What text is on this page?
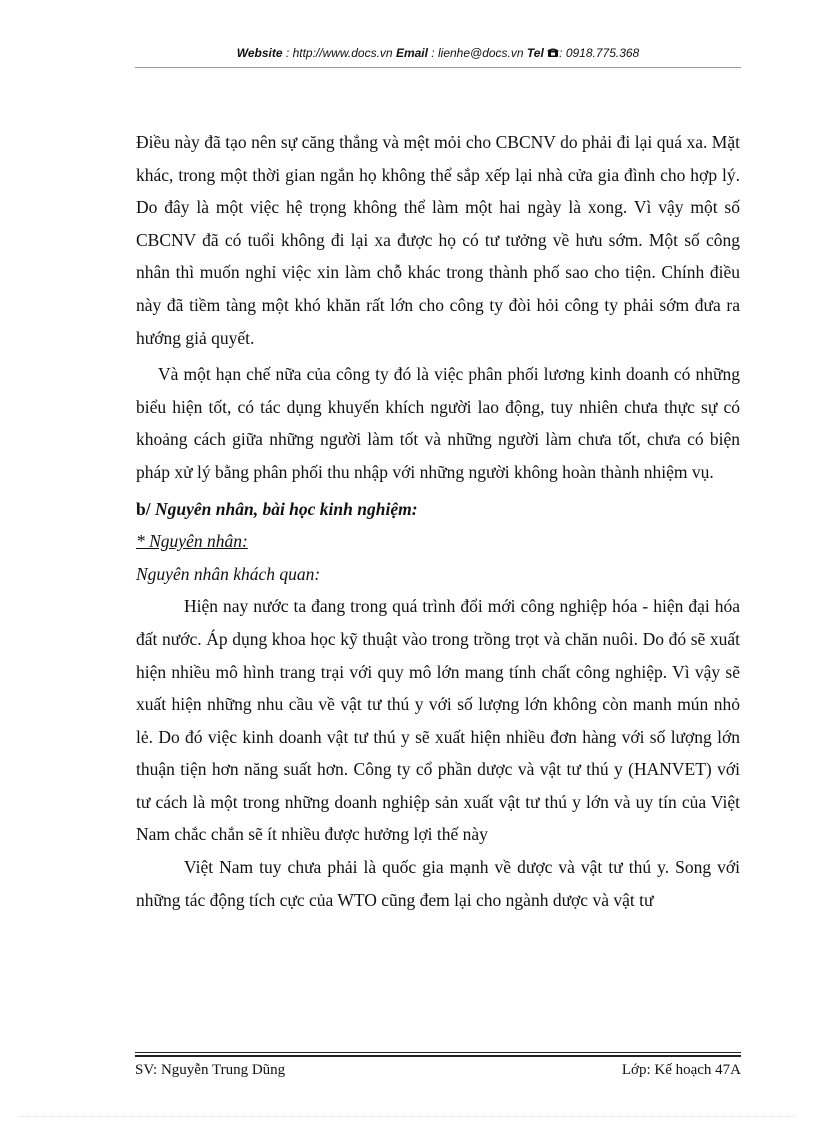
Website : http://www.docs.vn Email : lienhe@docs.vn Tel : 0918.775.368

Điều này đã tạo nên sự căng thẳng và mệt mỏi cho CBCNV do phải đi lại quá xa. Mặt khác, trong một thời gian ngắn họ không thể sắp xếp lại nhà cửa gia đình cho hợp lý. Do đây là một việc hệ trọng không thể làm một hai ngày là xong. Vì vậy một số CBCNV đã có tuổi không đi lại xa được họ có tư tưởng về hưu sớm. Một số công nhân thì muốn nghỉ việc xin làm chỗ khác trong thành phố sao cho tiện. Chính điều này đã tiềm tàng một khó khăn rất lớn cho công ty đòi hỏi công ty phải sớm đưa ra hướng giả quyết.

Và một hạn chế nữa của công ty đó là việc phân phối lương kinh doanh có những biểu hiện tốt, có tác dụng khuyến khích người lao động, tuy nhiên chưa thực sự có khoảng cách giữa những người làm tốt và những người làm chưa tốt, chưa có biện pháp xử lý bằng phân phối thu nhập với những người không hoàn thành nhiệm vụ.

b/ Nguyên nhân, bài học kinh nghiệm:

* Nguyên nhân:

Nguyên nhân khách quan:

Hiện nay nước ta đang trong quá trình đổi mới công nghiệp hóa - hiện đại hóa đất nước. Áp dụng khoa học kỹ thuật vào trong trồng trọt và chăn nuôi. Do đó sẽ xuất hiện nhiều mô hình trang trại với quy mô lớn mang tính chất công nghiệp. Vì vậy sẽ xuất hiện những nhu cầu về vật tư thú y với số lượng lớn không còn manh mún nhỏ lẻ. Do đó việc kinh doanh vật tư thú y sẽ xuất hiện nhiều đơn hàng với số lượng lớn thuận tiện hơn năng suất hơn. Công ty cổ phần dược và vật tư thú y (HANVET) với tư cách là một trong những doanh nghiệp sản xuất vật tư thú y lớn và uy tín của Việt Nam chắc chắn sẽ ít nhiều được hưởng lợi thế này

Việt Nam tuy chưa phải là quốc gia mạnh về dược và vật tư thú y. Song với những tác động tích cực của WTO cũng đem lại cho ngành dược và vật tư

SV: Nguyễn Trung Dũng	Lớp: Kế hoạch 47A
